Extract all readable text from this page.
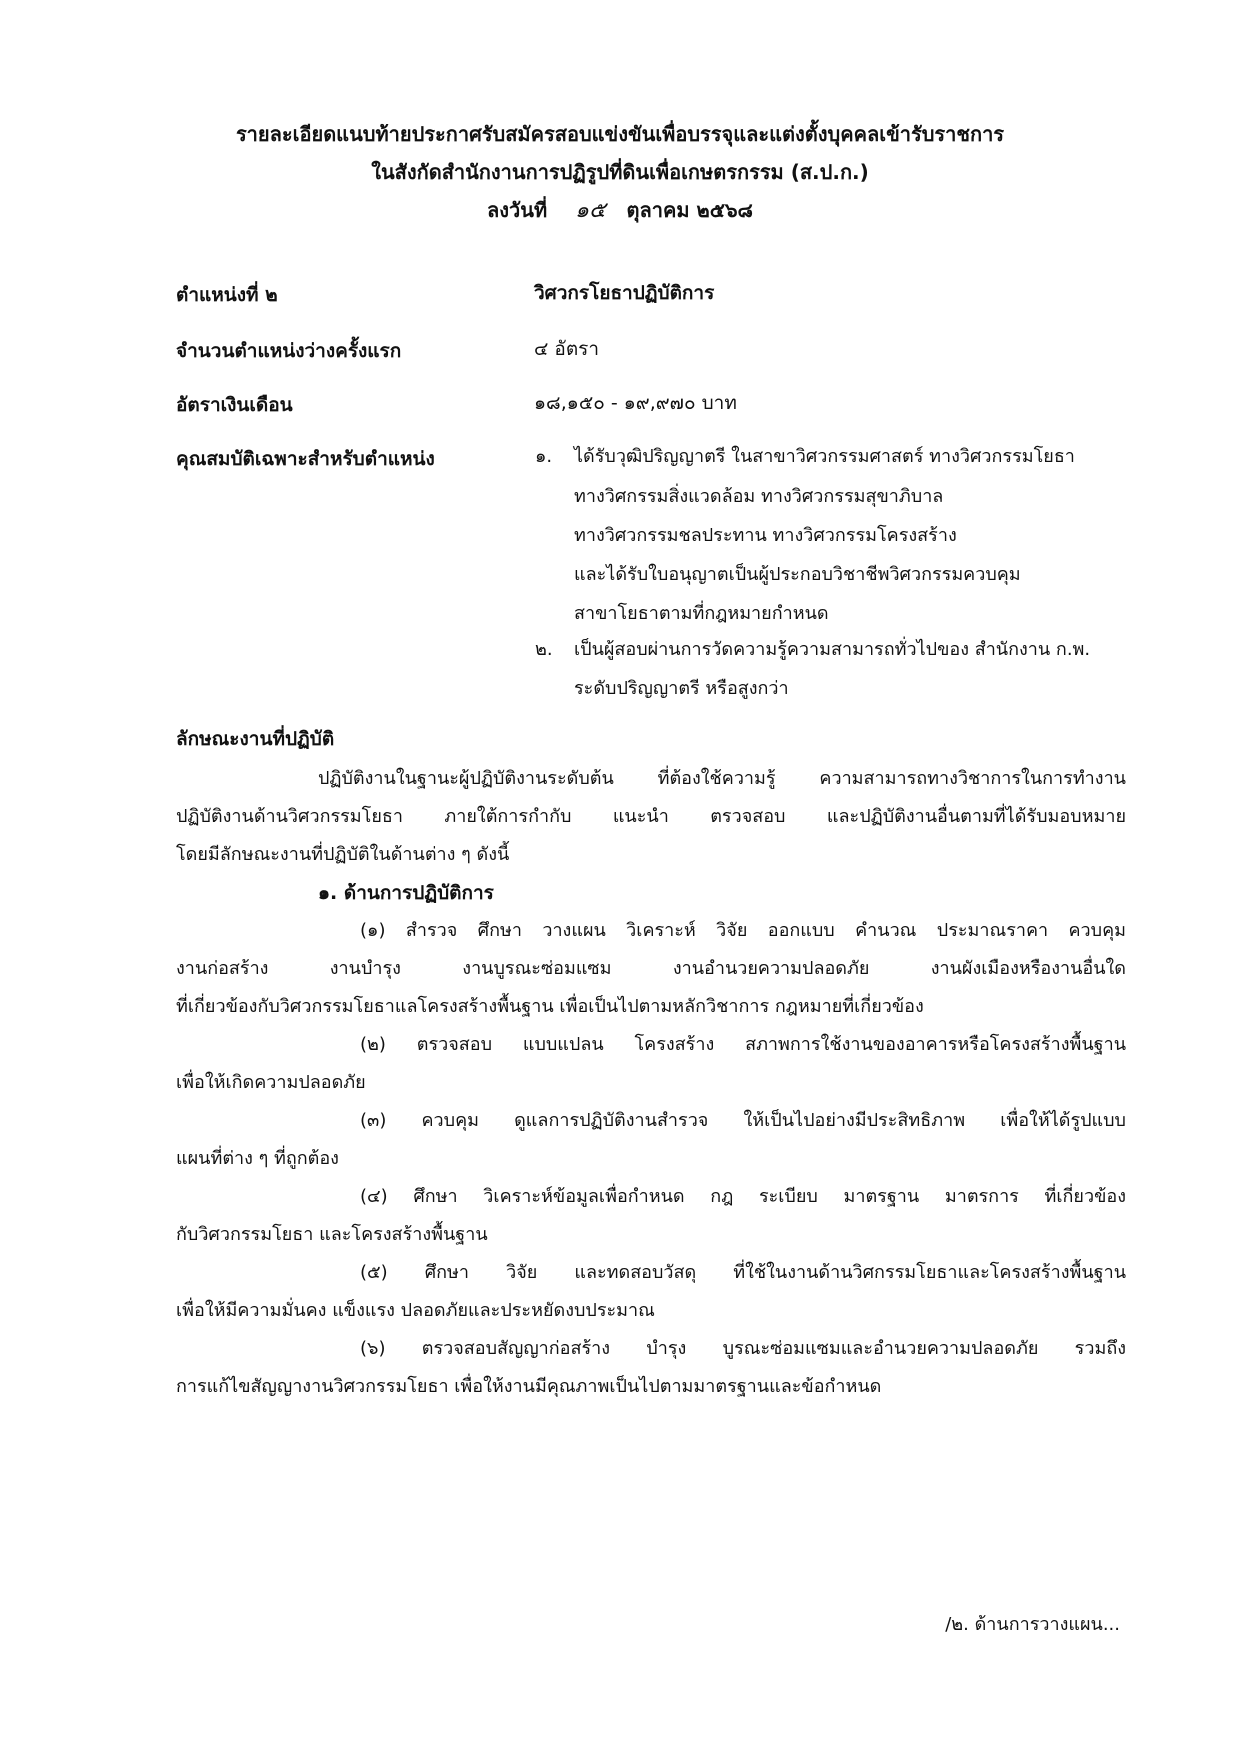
รายละเอียดแนบท้ายประกาศรับสมัครสอบแข่งขันเพื่อบรรจุและแต่งตั้งบุคคลเข้ารับราชการ
ในสังกัดสำนักงานการปฏิรูปที่ดินเพื่อเกษตรกรรม (ส.ป.ก.)
ลงวันที่ ๑๕ ตุลาคม ๒๕๖๘
ตำแหน่งที่ ๒	วิศวกรโยธาปฏิบัติการ
จำนวนตำแหน่งว่างครั้งแรก	๔ อัตรา
อัตราเงินเดือน	๑๘,๑๕๐ - ๑๙,๙๗๐ บาท
คุณสมบัติเฉพาะสำหรับตำแหน่ง	๑. ได้รับวุฒิปริญญาตรี ในสาขาวิศวกรรมศาสตร์ ทางวิศวกรรมโยธา
ทางวิศกรรมสิ่งแวดล้อม ทางวิศวกรรมสุขาภิบาล
ทางวิศวกรรมชลประทาน ทางวิศวกรรมโครงสร้าง
และได้รับใบอนุญาตเป็นผู้ประกอบวิชาชีพวิศวกรรมควบคุม
สาขาโยธาตามที่กฎหมายกำหนด
๒. เป็นผู้สอบผ่านการวัดความรู้ความสามารถทั่วไปของ สำนักงาน ก.พ.
ระดับปริญญาตรี หรือสูงกว่า
ลักษณะงานที่ปฏิบัติ
ปฏิบัติงานในฐานะผู้ปฏิบัติงานระดับต้น ที่ต้องใช้ความรู้ ความสามารถทางวิชาการในการทำงาน
ปฏิบัติงานด้านวิศวกรรมโยธา ภายใต้การกำกับ แนะนำ ตรวจสอบ และปฏิบัติงานอื่นตามที่ได้รับมอบหมาย
โดยมีลักษณะงานที่ปฏิบัติในด้านต่าง ๆ ดังนี้
๑. ด้านการปฏิบัติการ
(๑) สำรวจ ศึกษา วางแผน วิเคราะห์ วิจัย ออกแบบ คำนวณ ประมาณราคา ควบคุม
งานก่อสร้าง งานบำรุง งานบูรณะซ่อมแซม งานอำนวยความปลอดภัย งานผังเมืองหรืองานอื่นใด
ที่เกี่ยวข้องกับวิศวกรรมโยธาแลโครงสร้างพื้นฐาน เพื่อเป็นไปตามหลักวิชาการ กฎหมายที่เกี่ยวข้อง
(๒) ตรวจสอบ แบบแปลน โครงสร้าง สภาพการใช้งานของอาคารหรือโครงสร้างพื้นฐาน
เพื่อให้เกิดความปลอดภัย
(๓) ควบคุม ดูแลการปฏิบัติงานสำรวจ ให้เป็นไปอย่างมีประสิทธิภาพ เพื่อให้ได้รูปแบบ
แผนที่ต่าง ๆ ที่ถูกต้อง
(๔) ศึกษา วิเคราะห์ข้อมูลเพื่อกำหนด กฎ ระเบียบ มาตรฐาน มาตรการ ที่เกี่ยวข้อง
กับวิศวกรรมโยธา และโครงสร้างพื้นฐาน
(๕) ศึกษา วิจัย และทดสอบวัสดุ ที่ใช้ในงานด้านวิศกรรมโยธาและโครงสร้างพื้นฐาน
เพื่อให้มีความมั่นคง แข็งแรง ปลอดภัยและประหยัดงบประมาณ
(๖) ตรวจสอบสัญญาก่อสร้าง บำรุง บูรณะซ่อมแซมและอำนวยความปลอดภัย รวมถึง
การแก้ไขสัญญางานวิศวกรรมโยธา เพื่อให้งานมีคุณภาพเป็นไปตามมาตรฐานและข้อกำหนด
/๒. ด้านการวางแผน...
